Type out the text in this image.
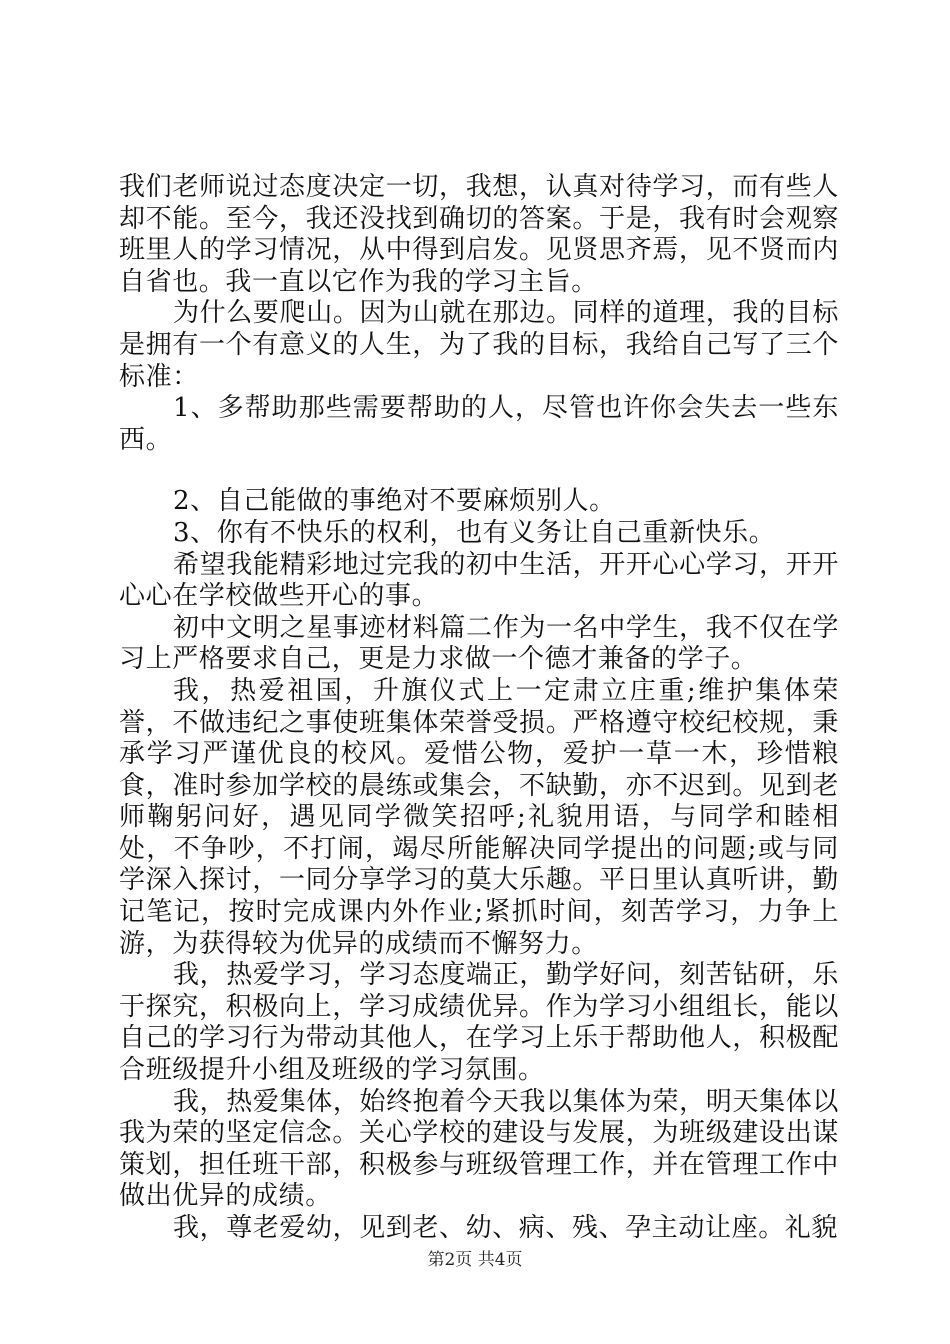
我们老师说过态度决定一切，我想，认真对待学习，而有些人却不能。至今，我还没找到确切的答案。于是，我有时会观察班里人的学习情况，从中得到启发。见贤思齐焉，见不贤而内自省也。我一直以它作为我的学习主旨。

为什么要爬山。因为山就在那边。同样的道理，我的目标是拥有一个有意义的人生，为了我的目标，我给自己写了三个标准：

1、多帮助那些需要帮助的人，尽管也许你会失去一些东西。

2、自己能做的事绝对不要麻烦别人。

3、你有不快乐的权利，也有义务让自己重新快乐。

希望我能精彩地过完我的初中生活，开开心心学习，开开心心在学校做些开心的事。

初中文明之星事迹材料篇二作为一名中学生，我不仅在学习上严格要求自己，更是力求做一个德才兼备的学子。

我，热爱祖国，升旗仪式上一定肃立庄重;维护集体荣誉，不做违纪之事使班集体荣誉受损。严格遵守校纪校规，秉承学习严谨优良的校风。爱惜公物，爱护一草一木，珍惜粮食，准时参加学校的晨练或集会，不缺勤，亦不迟到。见到老师鞠躬问好，遇见同学微笑招呼;礼貌用语，与同学和睦相处，不争吵，不打闹，竭尽所能解决同学提出的问题;或与同学深入探讨，一同分享学习的莫大乐趣。平日里认真听讲，勤记笔记，按时完成课内外作业;紧抓时间，刻苦学习，力争上游，为获得较为优异的成绩而不懈努力。

我，热爱学习，学习态度端正，勤学好问，刻苦钻研，乐于探究，积极向上，学习成绩优异。作为学习小组组长，能以自己的学习行为带动其他人，在学习上乐于帮助他人，积极配合班级提升小组及班级的学习氛围。

我，热爱集体，始终抱着今天我以集体为荣，明天集体以我为荣的坚定信念。关心学校的建设与发展，为班级建设出谋策划，担任班干部，积极参与班级管理工作，并在管理工作中做出优异的成绩。

我，尊老爱幼，见到老、幼、病、残、孕主动让座。礼貌

第2页 共4页
